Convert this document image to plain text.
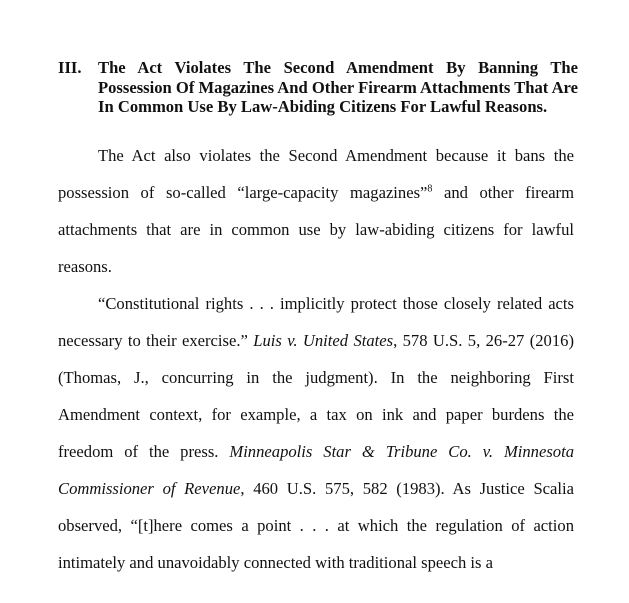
III. The Act Violates The Second Amendment By Banning The Possession Of Magazines And Other Firearm Attachments That Are In Common Use By Law-Abiding Citizens For Lawful Reasons.

The Act also violates the Second Amendment because it bans the possession of so-called “large-capacity magazines”$^8$ and other firearm attachments that are in common use by law-abiding citizens for lawful reasons.

“Constitutional rights . . . implicitly protect those closely related acts necessary to their exercise.” Luis v. United States, 578 U.S. 5, 26-27 (2016) (Thomas, J., concurring in the judgment). In the neighboring First Amendment context, for example, a tax on ink and paper burdens the freedom of the press. Minneapolis Star & Tribune Co. v. Minnesota Commissioner of Revenue, 460 U.S. 575, 582 (1983). As Justice Scalia observed, “[t]here comes a point . . . at which the regulation of action intimately and unavoidably connected with traditional speech is a
